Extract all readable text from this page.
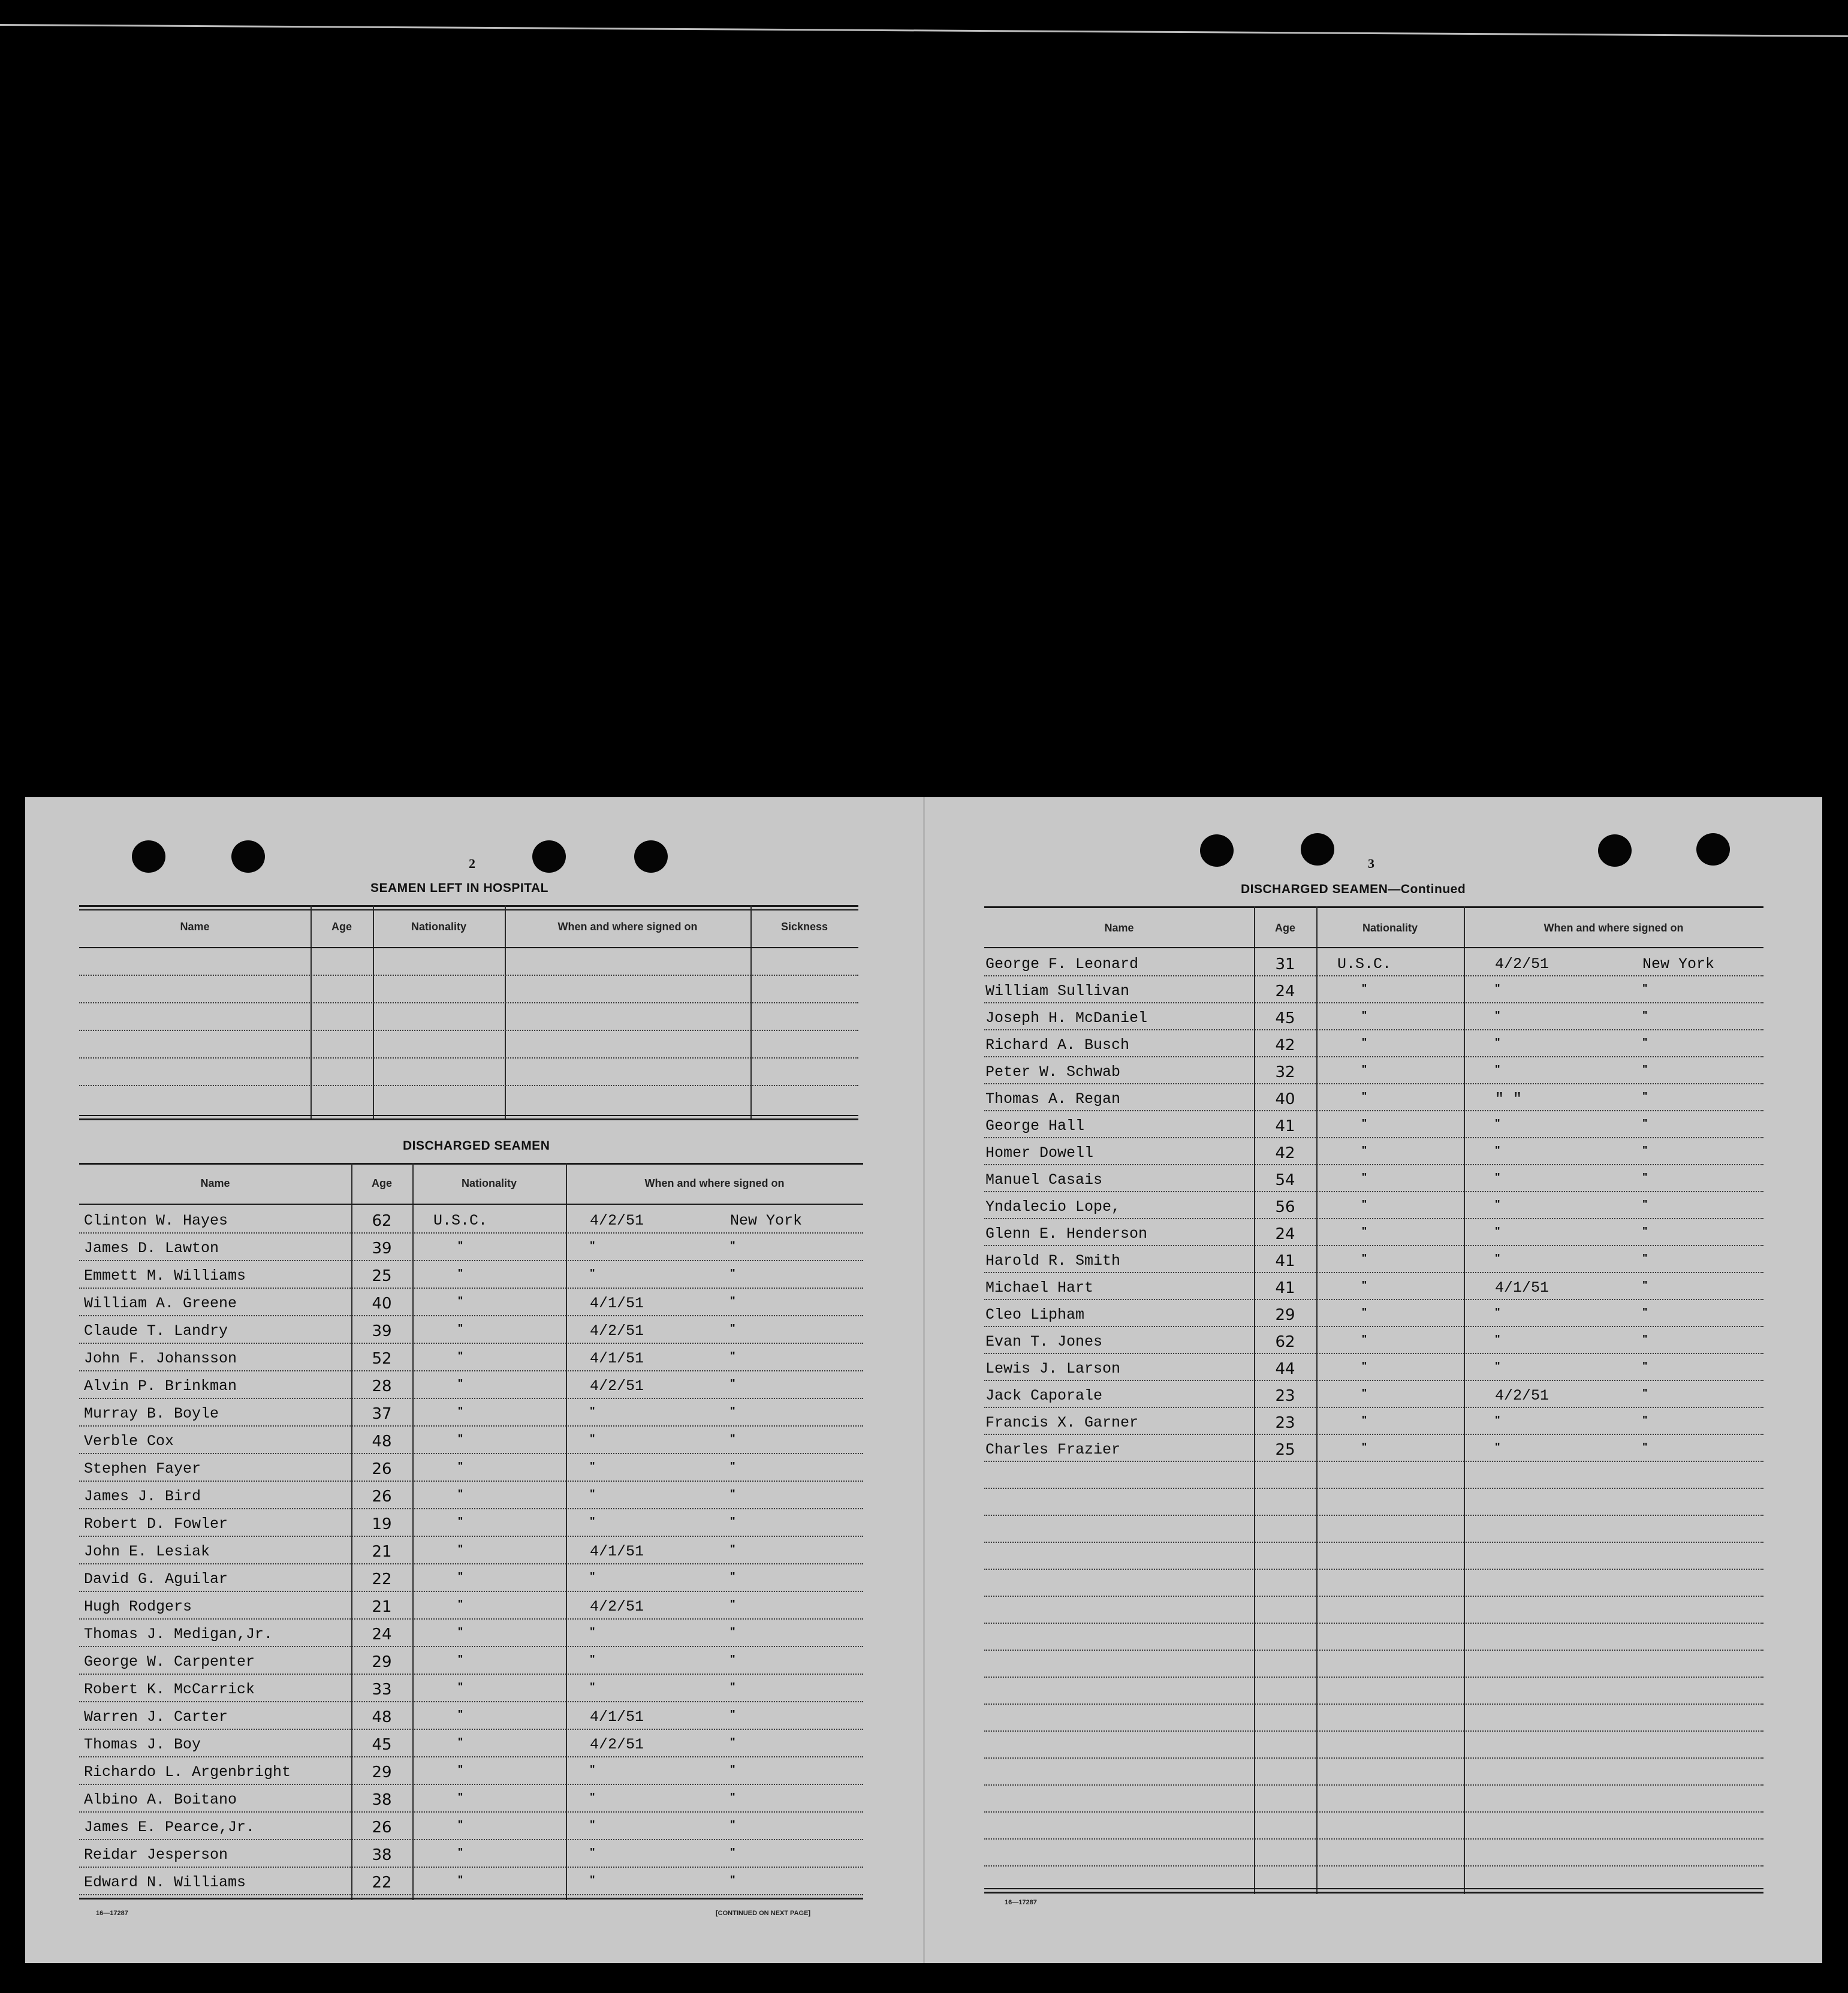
2
SEAMEN LEFT IN HOSPITAL
Name	Age	Nationality	When and where signed on	Sickness
DISCHARGED SEAMEN
Name	Age	Nationality	When and where signed on
Clinton W. Hayes	62	U.S.C.	4/2/51	New York
James D. Lawton	39	"	"	"
Emmett M. Williams	25	"	"	"
William A. Greene	40	"	4/1/51	"
Claude T. Landry	39	"	4/2/51	"
John F. Johansson	52	"	4/1/51	"
Alvin P. Brinkman	28	"	4/2/51	"
Murray B. Boyle	37	"	"	"
Verble Cox	48	"	"	"
Stephen Fayer	26	"	"	"
James J. Bird	26	"	"	"
Robert D. Fowler	19	"	"	"
John E. Lesiak	21	"	4/1/51	"
David G. Aguilar	22	"	"	"
Hugh Rodgers	21	"	4/2/51	"
Thomas J. Medigan,Jr.	24	"	"	"
George W. Carpenter	29	"	"	"
Robert K. McCarrick	33	"	"	"
Warren J. Carter	48	"	4/1/51	"
Thomas J. Boy	45	"	4/2/51	"
Richardo L. Argenbright	29	"	"	"
Albino A. Boitano	38	"	"	"
James E. Pearce,Jr.	26	"	"	"
Reidar Jesperson	38	"	"	"
Edward N. Williams	22	"	"	"
16—17287	[CONTINUED ON NEXT PAGE]
3
DISCHARGED SEAMEN—Continued
Name	Age	Nationality	When and where signed on
George F. Leonard	31	U.S.C.	4/2/51	New York
William Sullivan	24	"	"	"
Joseph H. McDaniel	45	"	"	"
Richard A. Busch	42	"	"	"
Peter W. Schwab	32	"	"	"
Thomas A. Regan	40	"	" "	"
George Hall	41	"	"	"
Homer Dowell	42	"	"	"
Manuel Casais	54	"	"	"
Yndalecio Lope,	56	"	"	"
Glenn E. Henderson	24	"	"	"
Harold R. Smith	41	"	"	"
Michael Hart	41	"	4/1/51	"
Cleo Lipham	29	"	"	"
Evan T. Jones	62	"	"	"
Lewis J. Larson	44	"	"	"
Jack Caporale	23	"	4/2/51	"
Francis X. Garner	23	"	"	"
Charles Frazier	25	"	"	"
16—17287
